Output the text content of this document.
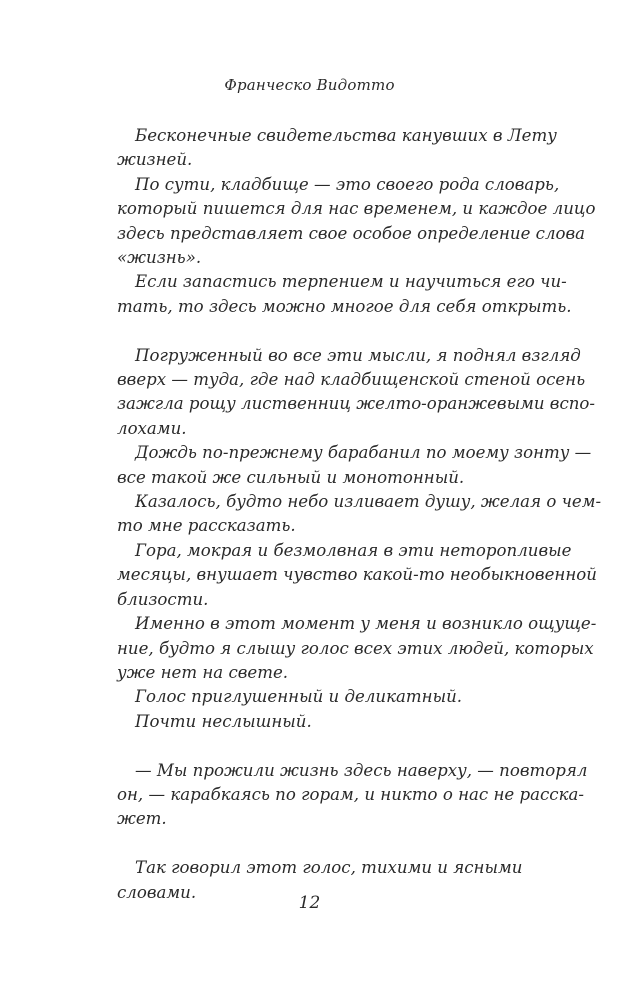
Франческо Видотто
Бесконечные свидетельства канувших в Лету
жизней.
По сути, кладбище — это своего рода словарь,
который пишется для нас временем, и каждое лицо
здесь представляет свое особое определение слова
«жизнь».
Если запастись терпением и научиться его чи-
тать, то здесь можно многое для себя открыть.
Погруженный во все эти мысли, я поднял взгляд
вверх — туда, где над кладбищенской стеной осень
зажгла рощу лиственниц желто-оранжевыми вспо-
лохами.
Дождь по-прежнему барабанил по моему зонту —
все такой же сильный и монотонный.
Казалось, будто небо изливает душу, желая о чем-
то мне рассказать.
Гора, мокрая и безмолвная в эти неторопливые
месяцы, внушает чувство какой-то необыкновенной
близости.
Именно в этот момент у меня и возникло ощуще-
ние, будто я слышу голос всех этих людей, которых
уже нет на свете.
Голос приглушенный и деликатный.
Почти неслышный.
— Мы прожили жизнь здесь наверху, — повторял
он, — карабкаясь по горам, и никто о нас не расска-
жет.
Так говорил этот голос, тихими и ясными
словами.
12
